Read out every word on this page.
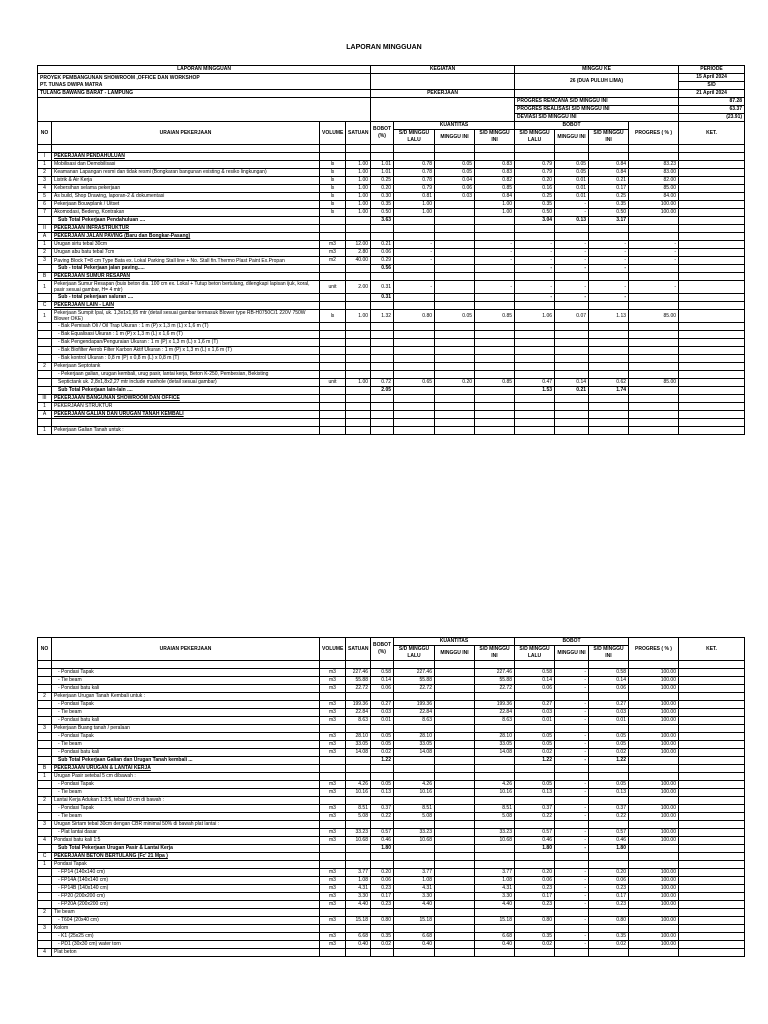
LAPORAN MINGGUAN
LAPORAN MINGGUAN				KEGIATAN				MINGGU KE				PERIODE

PROYEK PEMBANGUNAN SHOWROOM ,OFFICE DAN WORKSHOP
PT. TUNAS DWIPA MATRA								26 (DUA PULUH LIMA)				15 April 2024
												S/D
TULANG BAWANG BARAT - LAMPUNG				PEKERJAAN								21 April 2024
								PROGRES RENCANA S/D MINGGU INI				87.28
								PROGRES REALISASI S/D MINGGU INI				63.37
								DEVIASI S/D MINGGU INI				(23.91)
NO	URAIAN PEKERJAAN	VOLUME	SATUAN	BOBOT (%)	KUANTITAS			BOBOT			PROGRES ( % )	KET.
					S/D MINGGU LALU	MINGGU INI	S/D MINGGU INI	S/D MINGGU LALU	MINGGU INI	S/D MINGGU INI		

I	PEKERJAAN PENDAHULUAN											
1	Mobilisasi dan Demobilisasi	ls	1.00	1.01	0.78	0.05	0.83	0.79	0.05	0.84	83.23	
2	Keamanan Lapangan resmi dan tidak resmi (Bongkaran bangunan existing & resiko lingkungan)	ls	1.00	1.01	0.78	0.05	0.83	0.79	0.05	0.84	83.00	
3	Listrik & Air Kerja	ls	1.00	0.25	0.78	0.04	0.82	0.20	0.01	0.21	82.00	
4	Kebersihan selama pekerjaan	ls	1.00	0.20	0.79	0.06	0.85	0.16	0.01	0.17	85.00	
5	As build, Shop Drawing, laporan-2 & dokumentasi	ls	1.00	0.30	0.81	0.03	0.84	0.25	0.01	0.25	84.00	
6	Pekerjaan Bouwplank / Uitset	ls	1.00	0.35	1.00		1.00	0.35	-	0.35	100.00	
7	Akomodasi, Bedeng, Kontrakan	ls	1.00	0.50	1.00		1.00	0.50	-	0.50	100.00	
	Sub Total Pekerjaan Pendahuluan ....			3.63				3.04	0.13	3.17		
II	PEKERJAAN INFRASTRUKTUR											
A	PEKERJAAN JALAN PAVING (Baru dan Bongkar-Pasang)											
1	Urugan sirtu tebal 30cm	m3	12.00	0.21	-		-	-	-	-	-	
2	Urugan abu batu tebal 7cm	m3	2.80	0.06	-		-	-	-	-	-	
3	Paving Block T=8 cm Type Bata ex. Lokal Parking Stall line + No. Stall fin.Thermo Plast Paint Ex.Propan	m2	40.00	0.29	-		-	-	-	-	-	
	Sub - total Pekerjaan jalan paving.....			0.56				-	-	-		
B	PEKERJAAN SUMUR RESAPAN											
1	Pekerjaan Sumur Resapan (buis beton dia. 100 cm ex. Lokal + Tutup beton bertulang, dilengkapi lapisan ijuk, koral, pasir sesuai gambar, H= 4 mtr)	unit	2.00	0.31	-		-	-	-	-	-	
	Sub - total pekerjaan saluran ....			0.31				-	-	-		
C	PEKERJAAN LAIN - LAIN											
1	Pekerjaan Sumpit Ipal, uk. 1,3x1x1,65 mtr (detail sesuai gambar termasuk Blower type RB-H0750C/1 220V 750W Blower OKE)	ls	1.00	1.32	0.80	0.05	0.85	1.06	0.07	1.13	85.00	
	- Bak Pemisah Oli / Oil Trap Ukuran : 1 m (P) x 1,3 m (L) x 1,6 m (T)											
	- Bak Equalisasi Ukuran : 1 m (P) x 1,3 m (L) x 1,6 m (T)											
	- Bak Pengendapan/Penguraian Ukuran : 1 m (P) x 1,3 m (L) x 1,6 m (T)											
	- Bak Biofilter Aerob Filter Karbon Aktif Ukuran : 1 m (P) x 1,3 m (L) x 1,6 m (T)											
	- Bak kontrol Ukuran : 0,8 m (P) x 0,8 m (L) x 0,8 m (T)											
2	Pekerjaan Septotank											
	- Pekerjaan galian, urugan kembali, urug pasir, lantai kerja, Beton K-250, Pembesian, Bekisting											
	Septictank uk. 2,8x1,8x2,27 mtr include manhole (detail sesuai gambar)	unit	1.00	0.72	0.65	0.20	0.85	0.47	0.14	0.62	85.00	
	Sub Total Pekerjaan lain-lain ....			2.05				1.53	0.21	1.74		
III	PEKERJAAN BANGUNAN SHOWROOM DAN OFFICE											
1	PEKERJAAN STRUKTUR											
A	PEKERJAAN GALIAN DAN URUGAN TANAH KEMBALI											

1	Pekerjaan Galian Tanah untuk :											
NO	URAIAN PEKERJAAN	VOLUME	SATUAN	BOBOT (%)	KUANTITAS			BOBOT			PROGRES ( % )	KET.
					S/D MINGGU LALU	MINGGU INI	S/D MINGGU INI	S/D MINGGU LALU	MINGGU INI	S/D MINGGU INI		

	- Pondasi Tapak	m3	227.46	0.58	227.46		227.46	0.58	-	0.58	100.00	
	- Tie beam	m3	55.88	0.14	55.88		55.88	0.14	-	0.14	100.00	
	- Pondasi batu kali	m3	22.72	0.06	22.72		22.72	0.06	-	0.06	100.00	
2	Pekerjaan Urugan Tanah Kembali untuk :											
	- Pondasi Tapak	m3	199.36	0.27	199.36		199.36	0.27	-	0.27	100.00	
	- Tie beam	m3	22.84	0.03	22.84		22.84	0.03	-	0.03	100.00	
	- Pondasi batu kali	m3	8.63	0.01	8.63		8.63	0.01	-	0.01	100.00	
3	Pekerjaan Buang tanah / peralaan											
	- Pondasi Tapak	m3	28.10	0.05	28.10		28.10	0.05	-	0.05	100.00	
	- Tie beam	m3	33.05	0.05	33.05		33.05	0.05	-	0.05	100.00	
	- Pondasi batu kali	m3	14.08	0.02	14.08		14.08	0.02	-	0.02	100.00	
	Sub Total Pekerjaan Galian dan Urugan Tanah kembali ...			1.22				1.22	-	1.22		
B	PEKERJAAN URUGAN & LANTAI KERJA											
1	Urugan Pasir setebal 5 cm dibawah :											
	- Pondasi Tapak	m3	4.26	0.05	4.26		4.26	0.05	-	0.05	100.00	
	- Tie beam	m3	10.16	0.13	10.16		10.16	0.13	-	0.13	100.00	
2	Lantai Kerja Adukan 1:3:5, tebal 10 cm di bawah :											
	- Pondasi Tapak	m3	8.51	0.37	8.51		8.51	0.37	-	0.37	100.00	
	- Tie beam	m3	5.08	0.22	5.08		5.08	0.22	-	0.22	100.00	
3	Urugan Sirtam tebal 30cm dengan CBR minimal 50% di bawah plat lantai :											
	- Plat lantai dasar	m3	33.23	0.57	33.23		33.23	0.57	-	0.57	100.00	
4	Pondasi batu kali 1:5	m3	10.68	0.46	10.68		10.68	0.46	-	0.46	100.00	
	Sub Total Pekerjaan Urugan Pasir & Lantai Kerja			1.80				1.80	-	1.80		
C	PEKERJAAN BETON BERTULANG (Fc' 21 Mpa )											
1	Pondasi Tapak											
	- FP14 (140x140 cm)	m3	3.77	0.20	3.77		3.77	0.20	-	0.20	100.00	
	- FP14A (140x140 cm)	m3	1.08	0.06	1.08		1.08	0.06	-	0.06	100.00	
	- FP14B (140x140 cm)	m3	4.31	0.23	4.31		4.31	0.23	-	0.23	100.00	
	- FP20 (200x200 cm)	m3	3.30	0.17	3.30		3.30	0.17	-	0.17	100.00	
	- FP20A (200x200 cm)	m3	4.40	0.23	4.40		4.40	0.23	-	0.23	100.00	
2	Tie beam											
	- T604 (20x40 cm)	m3	15.18	0.80	15.18		15.18	0.80	-	0.80	100.00	
3	Kolom											
	- K1 (25x25 cm)	m3	6.68	0.35	6.68		6.68	0.35	-	0.35	100.00	
	- PD1 (30x30 cm) water torn	m3	0.40	0.02	0.40		0.40	0.02	-	0.02	100.00	
4	Plat beton											
